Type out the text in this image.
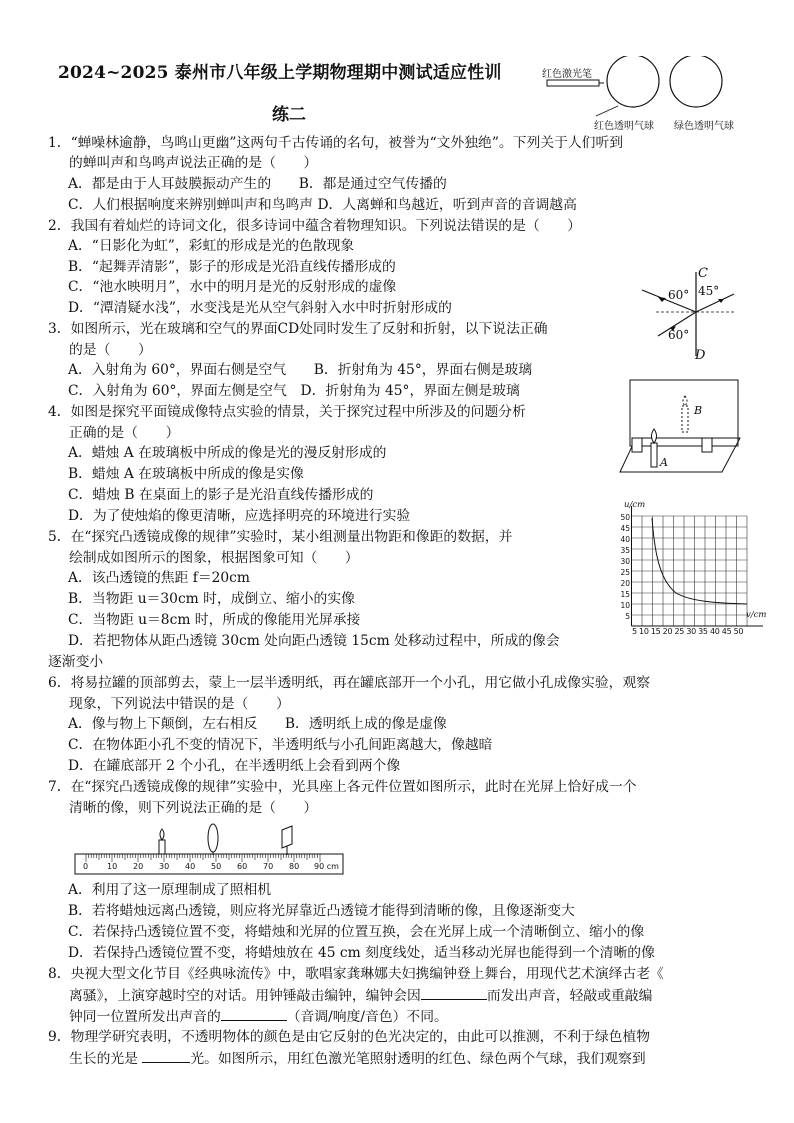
2024~2025 泰州市八年级上学期物理期中测试适应性训
练二
红色激光笔
红色透明气球 绿色透明气球
1．“蝉噪林逾静，鸟鸣山更幽”这两句千古传诵的名句，被誉为“文外独绝”。下列关于人们听到
的蝉叫声和鸟鸣声说法正确的是（　　）
A．都是由于人耳鼓膜振动产生的　　B．都是通过空气传播的
C．人们根据响度来辨别蝉叫声和鸟鸣声 D．人离蝉和鸟越近，听到声音的音调越高
2．我国有着灿烂的诗词文化，很多诗词中蕴含着物理知识。下列说法错误的是（　　）
A．“日影化为虹”，彩虹的形成是光的色散现象
B．“起舞弄清影”，影子的形成是光沿直线传播形成的
C．“池水映明月”，水中的明月是光的反射形成的虚像
D．“潭清疑水浅”，水变浅是光从空气斜射入水中时折射形成的
C
60° 45°
60°
D
3．如图所示，光在玻璃和空气的界面CD处同时发生了反射和折射，以下说法正确
的是（　　）
A．入射角为 60°，界面右侧是空气　　B．折射角为 45°，界面右侧是玻璃
C．入射角为 60°，界面左侧是空气　D．折射角为 45°，界面左侧是玻璃
B
A
4．如图是探究平面镜成像特点实验的情景，关于探究过程中所涉及的问题分析
正确的是（　　）
A．蜡烛 A 在玻璃板中所成的像是光的漫反射形成的
B．蜡烛 A 在玻璃板中所成的像是实像
C．蜡烛 B 在桌面上的影子是光沿直线传播形成的
D．为了使烛焰的像更清晰，应选择明亮的环境进行实验
u/cm
v/cm
50
45
40
35
30
25
20
15
10
5
5 10 15 20 25 30 35 40 45 50
5．在“探究凸透镜成像的规律”实验时，某小组测量出物距和像距的数据，并
绘制成如图所示的图象，根据图象可知（　　）
A．该凸透镜的焦距 f＝20cm
B．当物距 u＝30cm 时，成倒立、缩小的实像
C．当物距 u＝8cm 时，所成的像能用光屏承接
D．若把物体从距凸透镜 30cm 处向距凸透镜 15cm 处移动过程中，所成的像会
逐渐变小
6．将易拉罐的顶部剪去，蒙上一层半透明纸，再在罐底部开一个小孔，用它做小孔成像实验，观察
现象，下列说法中错误的是（　　）
A．像与物上下颠倒，左右相反　　B．透明纸上成的像是虚像
C．在物体距小孔不变的情况下，半透明纸与小孔间距离越大，像越暗
D．在罐底部开 2 个小孔，在半透明纸上会看到两个像
7．在“探究凸透镜成像的规律”实验中，光具座上各元件位置如图所示，此时在光屏上恰好成一个
清晰的像，则下列说法正确的是（　　）
0 10 20 30 40 50 60 70 80 90 cm
A．利用了这一原理制成了照相机
B．若将蜡烛远离凸透镜，则应将光屏靠近凸透镜才能得到清晰的像，且像逐渐变大
C．若保持凸透镜位置不变，将蜡烛和光屏的位置互换，会在光屏上成一个清晰倒立、缩小的像
D．若保持凸透镜位置不变，将蜡烛放在 45 cm 刻度线处，适当移动光屏也能得到一个清晰的像
8．央视大型文化节目《经典咏流传》中，歌唱家龚琳娜夫妇携编钟登上舞台，用现代艺术演绎古老《
离骚》，上演穿越时空的对话。用钟锤敲击编钟，编钟会因	而发出声音，轻敲或重敲编
钟同一位置所发出声音的	（音调/响度/音色）不同。
9．物理学研究表明，不透明物体的颜色是由它反射的色光决定的，由此可以推测，不利于绿色植物
生长的光是	光。如图所示，用红色激光笔照射透明的红色、绿色两个气球，我们观察到
